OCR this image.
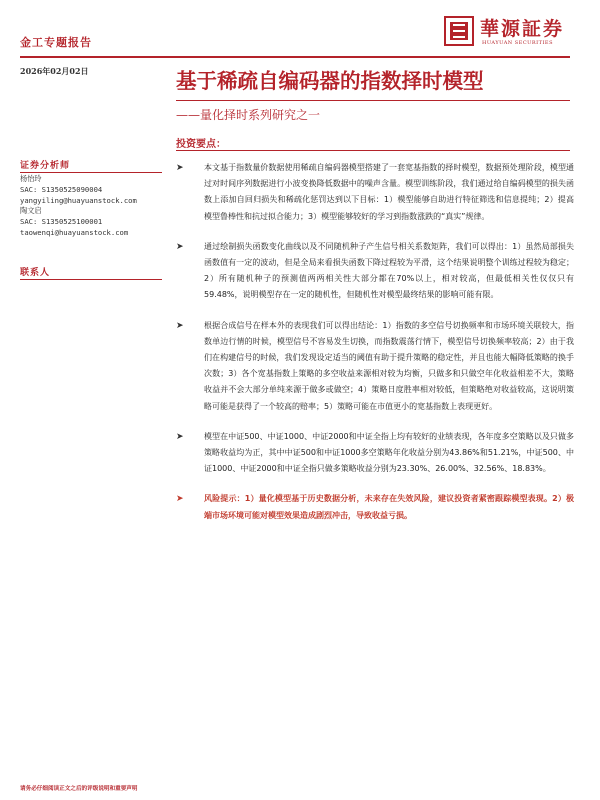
金工专题报告
華源証券
HUAYUAN SECURITIES
2026年02月02日
证券分析师
杨怡玲
SAC: S1350525090004
yangyiling@huayuanstock.com
陶文启
SAC: S1350525100001
taowenqi@huayuanstock.com
联系人
基于稀疏自编码器的指数择时模型
——量化择时系列研究之一
投资要点：
➤	本文基于指数量价数据使用稀疏自编码器模型搭建了一套宽基指数的择时模型，数据预处理阶段，模型通过对时间序列数据进行小波变换降低数据中的噪声含量。模型训练阶段，我们通过给自编码模型的损失函数上添加自回归损失和稀疏化惩罚达到以下目标：1）模型能够自助进行特征筛选和信息提纯；2）提高模型鲁棒性和抗过拟合能力；3）模型能够较好的学习到指数涨跌的“真实”规律。
➤	通过绘制损失函数变化曲线以及不同随机种子产生信号相关系数矩阵，我们可以得出：1）虽然局部损失函数值有一定的波动，但是全局来看损失函数下降过程较为平滑，这个结果说明整个训练过程较为稳定；2）所有随机种子的预测值两两相关性大部分都在70%以上，相对较高，但最低相关性仅仅只有59.48%，说明模型存在一定的随机性，但随机性对模型最终结果的影响可能有限。
➤	根据合成信号在样本外的表现我们可以得出结论：1）指数的多空信号切换频率和市场环境关联较大，指数单边行情的时候，模型信号不容易发生切换，而指数震荡行情下，模型信号切换频率较高；2）由于我们在构建信号的时候，我们发现设定适当的阈值有助于提升策略的稳定性，并且也能大幅降低策略的换手次数；3）各个宽基指数上策略的多空收益来源相对较为均衡，只做多和只做空年化收益相差不大，策略收益并不会大部分单纯来源于做多或做空；4）策略日度胜率相对较低，但策略绝对收益较高，这说明策略可能是获得了一个较高的赔率；5）策略可能在市值更小的宽基指数上表现更好。
➤	模型在中证500、中证1000、中证2000和中证全指上均有较好的业绩表现，各年度多空策略以及只做多策略收益均为正，其中中证500和中证1000多空策略年化收益分别为43.86%和51.21%，中证500、中证1000、中证2000和中证全指只做多策略收益分别为23.30%、26.00%、32.56%、18.83%。
➤	风险提示：1）量化模型基于历史数据分析，未来存在失效风险，建议投资者紧密跟踪模型表现。2）极端市场环境可能对模型效果造成剧烈冲击，导致收益亏损。
请务必仔细阅读正文之后的评级说明和重要声明
